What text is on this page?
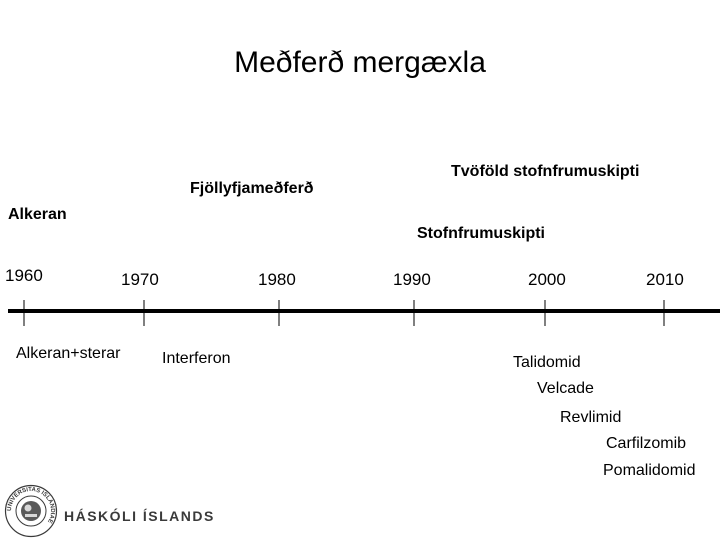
Meðferð mergæxla
Alkeran
Fjöllyfjameðferð
Tvöföld stofnfrumuskipti
Stofnfrumuskipti
1960	1970	1980	1990	2000	2010
Alkeran+sterar	Interferon	Talidomid
Velcade
Revlimid
Carfilzomib
Pomalidomid
UNIVERSITAS ISLANDIAE HÁSKÓLI ÍSLANDS
